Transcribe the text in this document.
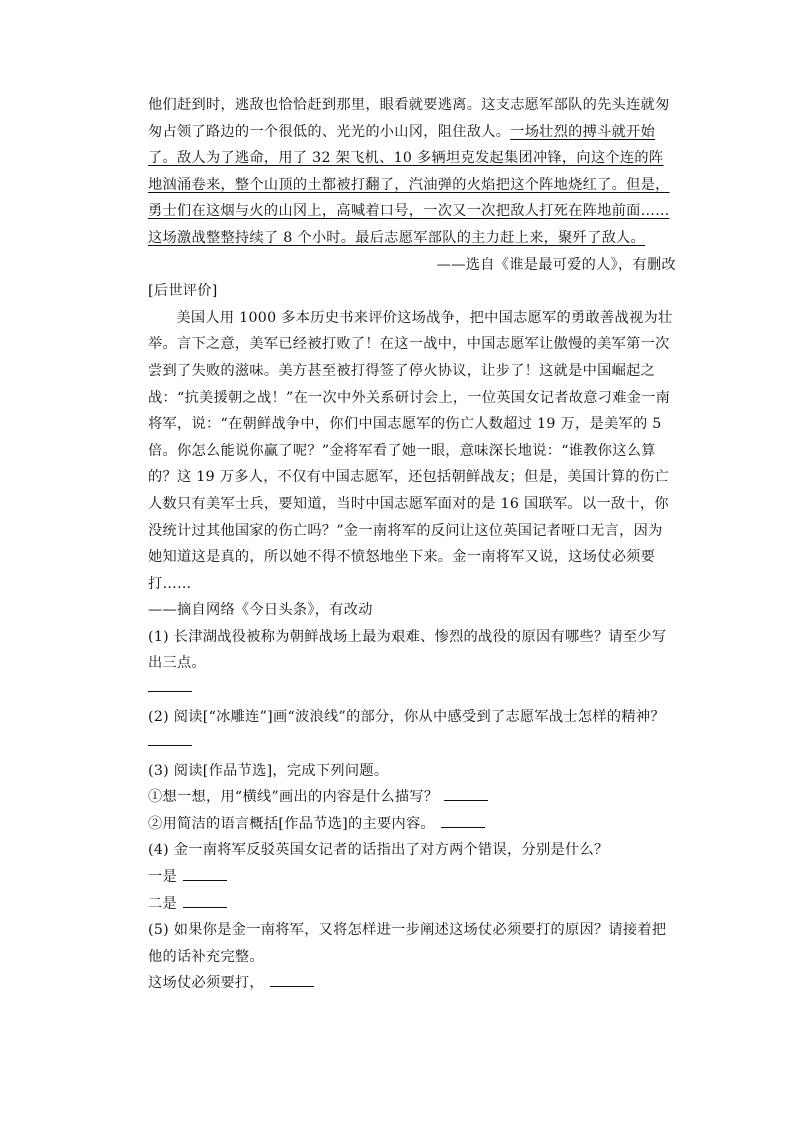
他们赶到时，逃敌也恰恰赶到那里，眼看就要逃离。这支志愿军部队的先头连就匆匆占领了路边的一个很低的、光光的小山冈，阻住敌人。一场壮烈的搏斗就开始了。敌人为了逃命，用了 32 架飞机、10 多辆坦克发起集团冲锋，向这个连的阵地汹涌卷来，整个山顶的土都被打翻了，汽油弹的火焰把这个阵地烧红了。但是，勇士们在这烟与火的山冈上，高喊着口号，一次又一次把敌人打死在阵地前面……这场激战整整持续了 8 个小时。最后志愿军部队的主力赶上来，聚歼了敌人。

——选自《谁是最可爱的人》，有删改

[后世评价]

美国人用 1000 多本历史书来评价这场战争，把中国志愿军的勇敢善战视为壮举。言下之意，美军已经被打败了！在这一战中，中国志愿军让傲慢的美军第一次尝到了失败的滋味。美方甚至被打得签了停火协议，让步了！这就是中国崛起之战：“抗美援朝之战！”在一次中外关系研讨会上，一位英国女记者故意刁难金一南将军，说：“在朝鲜战争中，你们中国志愿军的伤亡人数超过 19 万，是美军的 5 倍。你怎么能说你赢了呢？”金将军看了她一眼，意味深长地说：“谁教你这么算的？这 19 万多人，不仅有中国志愿军，还包括朝鲜战友；但是，美国计算的伤亡人数只有美军士兵，要知道，当时中国志愿军面对的是 16 国联军。以一敌十，你没统计过其他国家的伤亡吗？”金一南将军的反问让这位英国记者哑口无言，因为她知道这是真的，所以她不得不愤怒地坐下来。金一南将军又说，这场仗必须要打……

——摘自网络《今日头条》，有改动

(1) 长津湖战役被称为朝鲜战场上最为艰难、惨烈的战役的原因有哪些？请至少写出三点。

(2) 阅读[“冰雕连”]画“波浪线”的部分，你从中感受到了志愿军战士怎样的精神？

(3) 阅读[作品节选]，完成下列问题。

①想一想，用“横线”画出的内容是什么描写？

②用简洁的语言概括[作品节选]的主要内容。

(4) 金一南将军反驳英国女记者的话指出了对方两个错误，分别是什么？

一是

二是

(5) 如果你是金一南将军，又将怎样进一步阐述这场仗必须要打的原因？请接着把他的话补充完整。

这场仗必须要打，
